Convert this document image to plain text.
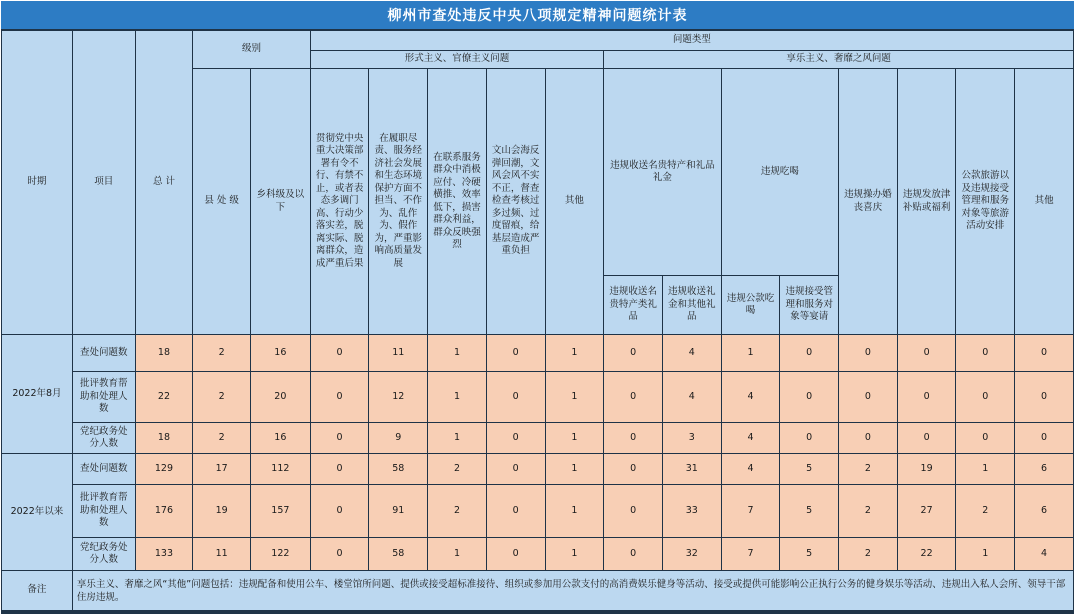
柳州市查处违反中央八项规定精神问题统计表
时期	项目	总 计	级别		问题类型												
					形式主义、官僚主义问题					享乐主义、奢靡之风问题							
			县 处 级	乡科级及以下	贯彻党中央重大决策部署有令不行、有禁不止，或者表态多调门高、行动少落实差，脱离实际、脱离群众，造成严重后果	在履职尽责、服务经济社会发展和生态环境保护方面不担当、不作为、乱作为、假作为，严重影响高质量发展	在联系服务群众中消极应付、冷硬横推、效率低下，损害群众利益，群众反映强烈	文山会海反弹回潮，文风会风不实不正，督查检查考核过多过频、过度留痕，给基层造成严重负担	其他	违规收送名贵特产和礼品礼金		违规吃喝		违规操办婚丧喜庆	违规发放津补贴或福利	公款旅游以及违规接受管理和服务对象等旅游活动安排	其他
										违规收送名贵特产类礼品	违规收送礼金和其他礼品	违规公款吃喝	违规接受管理和服务对象等宴请				
2022年8月	查处问题数	18	2	16	0	11	1	0	1	0	4	1	0	0	0	0	0
	批评教育帮助和处理人数	22	2	20	0	12	1	0	1	0	4	4	0	0	0	0	0
	党纪政务处分人数	18	2	16	0	9	1	0	1	0	3	4	0	0	0	0	0
2022年以来	查处问题数	129	17	112	0	58	2	0	1	0	31	4	5	2	19	1	6
	批评教育帮助和处理人数	176	19	157	0	91	2	0	1	0	33	7	5	2	27	2	6
	党纪政务处分人数	133	11	122	0	58	1	0	1	0	32	7	5	2	22	1	4
备注	享乐主义、奢靡之风“其他”问题包括：违规配备和使用公车、楼堂馆所问题、提供或接受超标准接待、组织或参加用公款支付的高消费娱乐健身等活动、接受或提供可能影响公正执行公务的健身娱乐等活动、违规出入私人会所、领导干部住房违规。																
